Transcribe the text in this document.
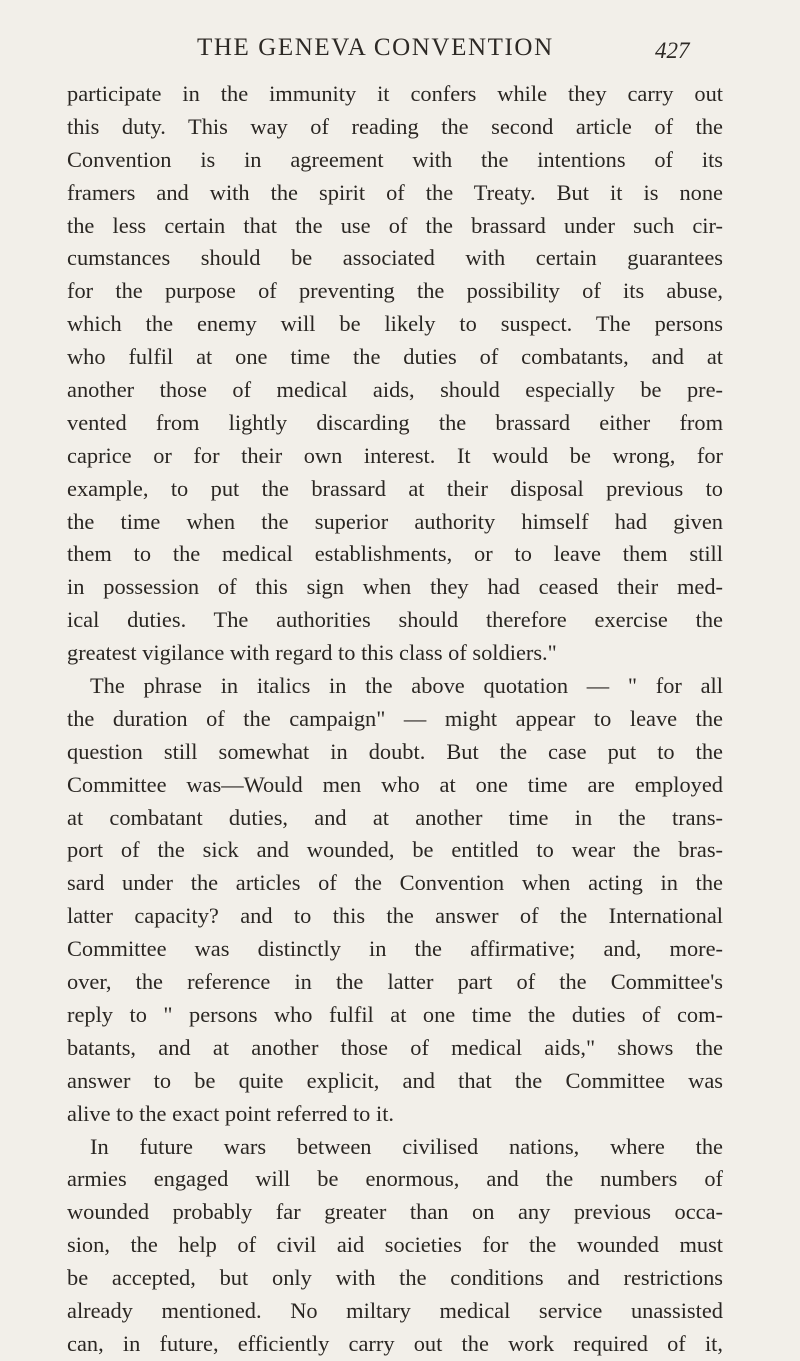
THE GENEVA CONVENTION	427
participate in the immunity it confers while they carry out
this duty. This way of reading the second article of the
Convention is in agreement with the intentions of its
framers and with the spirit of the Treaty. But it is none
the less certain that the use of the brassard under such cir-
cumstances should be associated with certain guarantees
for the purpose of preventing the possibility of its abuse,
which the enemy will be likely to suspect. The persons
who fulfil at one time the duties of combatants, and at
another those of medical aids, should especially be pre-
vented from lightly discarding the brassard either from
caprice or for their own interest. It would be wrong, for
example, to put the brassard at their disposal previous to
the time when the superior authority himself had given
them to the medical establishments, or to leave them still
in possession of this sign when they had ceased their med-
ical duties. The authorities should therefore exercise the
greatest vigilance with regard to this class of soldiers."
The phrase in italics in the above quotation — " for all
the duration of the campaign" — might appear to leave the
question still somewhat in doubt. But the case put to the
Committee was—Would men who at one time are employed
at combatant duties, and at another time in the trans-
port of the sick and wounded, be entitled to wear the bras-
sard under the articles of the Convention when acting in the
latter capacity? and to this the answer of the International
Committee was distinctly in the affirmative; and, more-
over, the reference in the latter part of the Committee's
reply to " persons who fulfil at one time the duties of com-
batants, and at another those of medical aids," shows the
answer to be quite explicit, and that the Committee was
alive to the exact point referred to it.
In future wars between civilised nations, where the
armies engaged will be enormous, and the numbers of
wounded probably far greater than on any previous occa-
sion, the help of civil aid societies for the wounded must
be accepted, but only with the conditions and restrictions
already mentioned. No miltary medical service unassisted
can, in future, efficiently carry out the work required of it,
